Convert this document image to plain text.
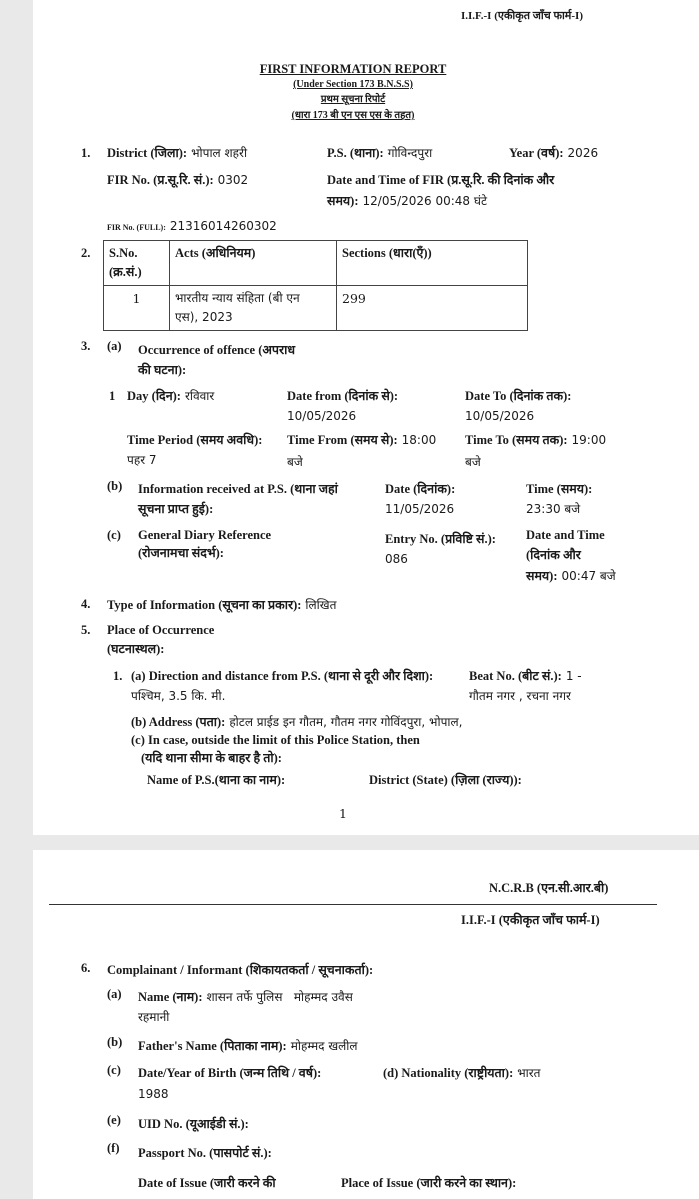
I.I.F.-I (एकीकृत जाँच फार्म-I)
FIRST INFORMATION REPORT
(Under Section 173 B.N.S.S)
प्रथम सूचना रिपोर्ट
(धारा 173 बी एन एस एस के तहत)
1. District (जिला): भोपाल शहरी	P.S. (थाना): गोविन्दपुरा	Year (वर्ष): 2026
FIR No. (प्र.सू.रि. सं.): 0302	Date and Time of FIR (प्र.सू.रि. की दिनांक और
समय): 12/05/2026 00:48 घंटे
FIR No. (FULL): 21316014260302
2. S.No.
(क्र.सं.)	Acts (अधिनियम)	Sections (धारा(एँ))
1	भारतीय न्याय संहिता (बी एन
एस), 2023	299
3. (a) Occurrence of offence (अपराध
की घटना):
1 Day (दिन): रविवार	Date from (दिनांक से):
10/05/2026
Date To (दिनांक तक):
10/05/2026
Time Period (समय अवधि):
पहर 7
Time From (समय से): 18:00
बजे
Time To (समय तक): 19:00
बजे
(b) Information received at P.S. (थाना जहां
सूचना प्राप्त हुई):
Date (दिनांक):
11/05/2026
Time (समय):
23:30 बजे
(c) General Diary Reference
(रोजनामचा संदर्भ):
Entry No. (प्रविष्टि सं.):
086
Date and Time
(दिनांक और
समय): 00:47 बजे
4. Type of Information (सूचना का प्रकार): लिखित
5. Place of Occurrence
(घटनास्थल):
1. (a) Direction and distance from P.S. (थाना से दूरी और दिशा):
पश्चिम, 3.5 कि. मी.
Beat No. (बीट सं.): 1 -
गौतम नगर , रचना नगर
(b) Address (पता): होटल प्राईड इन गौतम, गौतम नगर गोविंदपुरा, भोपाल,
(c) In case, outside the limit of this Police Station, then
(यदि थाना सीमा के बाहर है तो):
Name of P.S.(थाना का नाम):	District (State) (ज़िला (राज्य)):
1
N.C.R.B (एन.सी.आर.बी)
I.I.F.-I (एकीकृत जाँच फार्म-I)
6. Complainant / Informant (शिकायतकर्ता / सूचनाकर्ता):
(a) Name (नाम): शासन तर्फे पुलिस   मोहम्मद उवैस
रहमानी
(b) Father's Name (पिताका नाम): मोहम्मद खलील
(c) Date/Year of Birth (जन्म तिथि / वर्ष):
1988
(d) Nationality (राष्ट्रीयता): भारत
(e) UID No. (यूआईडी सं.):
(f) Passport No. (पासपोर्ट सं.):
Date of Issue (जारी करने की	Place of Issue (जारी करने का स्थान):
